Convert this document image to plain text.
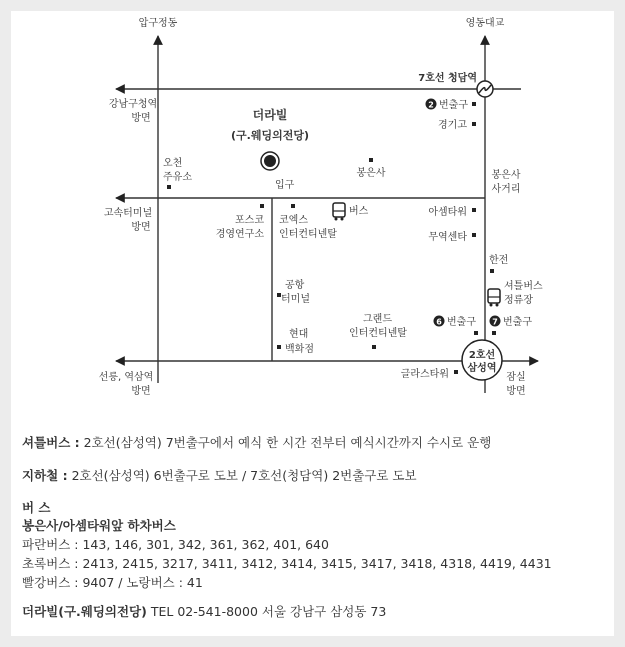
압구정동	영동대교
강남구청역
방면
고속터미널
방면
선릉, 역삼역
방면
잠실
방면
봉은사
사거리
더라빌
(구.웨딩의전당)
입구
7호선 청담역
2 번출구
경기고
오천
주유소	봉은사
포스코
경영연구소
코엑스
인터컨티넨탈
버스	아셈타워
무역센타
한전
셔틀버스
정류장
공항
터미널
현대
백화점
그랜드
인터컨티넨탈
6 번출구 7 번출구
2호선
삼성역
글라스타워
셔틀버스 : 2호선(삼성역) 7번출구에서 예식 한 시간 전부터 예식시간까지 수시로 운행
지하철 : 2호선(삼성역) 6번출구로 도보 / 7호선(청담역) 2번출구로 도보
버 스
봉은사/아셈타워앞 하차버스
파란버스 : 143, 146, 301, 342, 361, 362, 401, 640
초록버스 : 2413, 2415, 3217, 3411, 3412, 3414, 3415, 3417, 3418, 4318, 4419, 4431
빨강버스 : 9407 / 노랑버스 : 41
더라빌(구.웨딩의전당) TEL 02-541-8000 서울 강남구 삼성동 73
